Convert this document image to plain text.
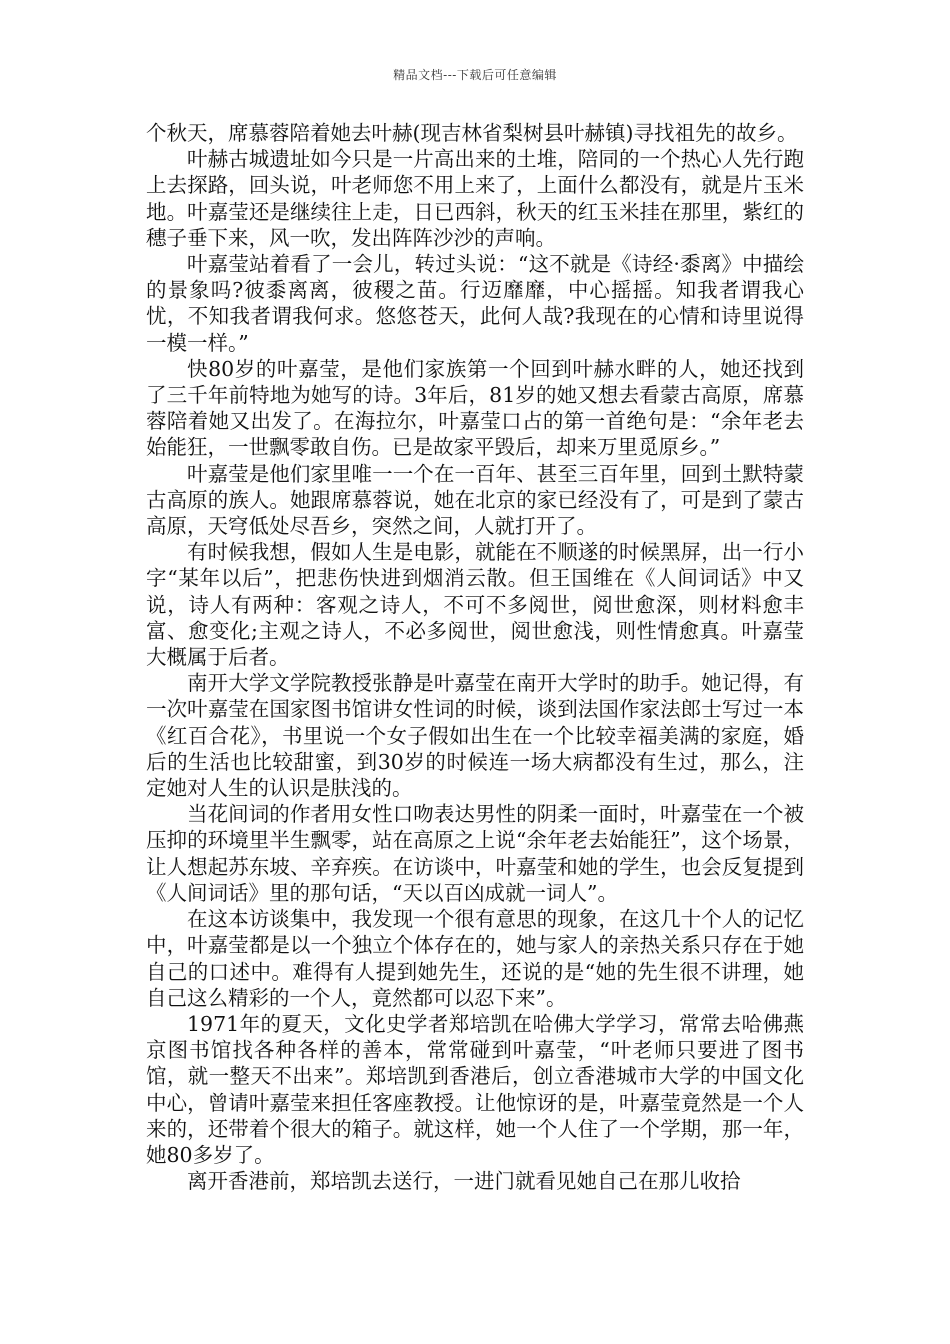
精品文档---下载后可任意编辑

个秋天，席慕蓉陪着她去叶赫(现吉林省梨树县叶赫镇)寻找祖先的故乡。

叶赫古城遗址如今只是一片高出来的土堆，陪同的一个热心人先行跑上去探路，回头说，叶老师您不用上来了，上面什么都没有，就是片玉米地。叶嘉莹还是继续往上走，日已西斜，秋天的红玉米挂在那里，紫红的穗子垂下来，风一吹，发出阵阵沙沙的声响。

叶嘉莹站着看了一会儿，转过头说：“这不就是《诗经·黍离》中描绘的景象吗?彼黍离离，彼稷之苗。行迈靡靡，中心摇摇。知我者谓我心忧，不知我者谓我何求。悠悠苍天，此何人哉?我现在的心情和诗里说得一模一样。”

快80岁的叶嘉莹，是他们家族第一个回到叶赫水畔的人，她还找到了三千年前特地为她写的诗。3年后，81岁的她又想去看蒙古高原，席慕蓉陪着她又出发了。在海拉尔，叶嘉莹口占的第一首绝句是：“余年老去始能狂，一世飘零敢自伤。已是故家平毁后，却来万里觅原乡。”

叶嘉莹是他们家里唯一一个在一百年、甚至三百年里，回到土默特蒙古高原的族人。她跟席慕蓉说，她在北京的家已经没有了，可是到了蒙古高原，天穹低处尽吾乡，突然之间，人就打开了。

有时候我想，假如人生是电影，就能在不顺遂的时候黑屏，出一行小字“某年以后”，把悲伤快进到烟消云散。但王国维在《人间词话》中又说，诗人有两种：客观之诗人，不可不多阅世，阅世愈深，则材料愈丰富、愈变化;主观之诗人，不必多阅世，阅世愈浅，则性情愈真。叶嘉莹大概属于后者。

南开大学文学院教授张静是叶嘉莹在南开大学时的助手。她记得，有一次叶嘉莹在国家图书馆讲女性词的时候，谈到法国作家法郎士写过一本《红百合花》，书里说一个女子假如出生在一个比较幸福美满的家庭，婚后的生活也比较甜蜜，到30岁的时候连一场大病都没有生过，那么，注定她对人生的认识是肤浅的。

当花间词的作者用女性口吻表达男性的阴柔一面时，叶嘉莹在一个被压抑的环境里半生飘零，站在高原之上说“余年老去始能狂”，这个场景，让人想起苏东坡、辛弃疾。在访谈中，叶嘉莹和她的学生，也会反复提到《人间词话》里的那句话，“天以百凶成就一词人”。

在这本访谈集中，我发现一个很有意思的现象，在这几十个人的记忆中，叶嘉莹都是以一个独立个体存在的，她与家人的亲热关系只存在于她自己的口述中。难得有人提到她先生，还说的是“她的先生很不讲理，她自己这么精彩的一个人，竟然都可以忍下来”。

1971年的夏天，文化史学者郑培凯在哈佛大学学习，常常去哈佛燕京图书馆找各种各样的善本，常常碰到叶嘉莹，“叶老师只要进了图书馆，就一整天不出来”。郑培凯到香港后，创立香港城市大学的中国文化中心，曾请叶嘉莹来担任客座教授。让他惊讶的是，叶嘉莹竟然是一个人来的，还带着个很大的箱子。就这样，她一个人住了一个学期，那一年，她80多岁了。

离开香港前，郑培凯去送行，一进门就看见她自己在那儿收拾
